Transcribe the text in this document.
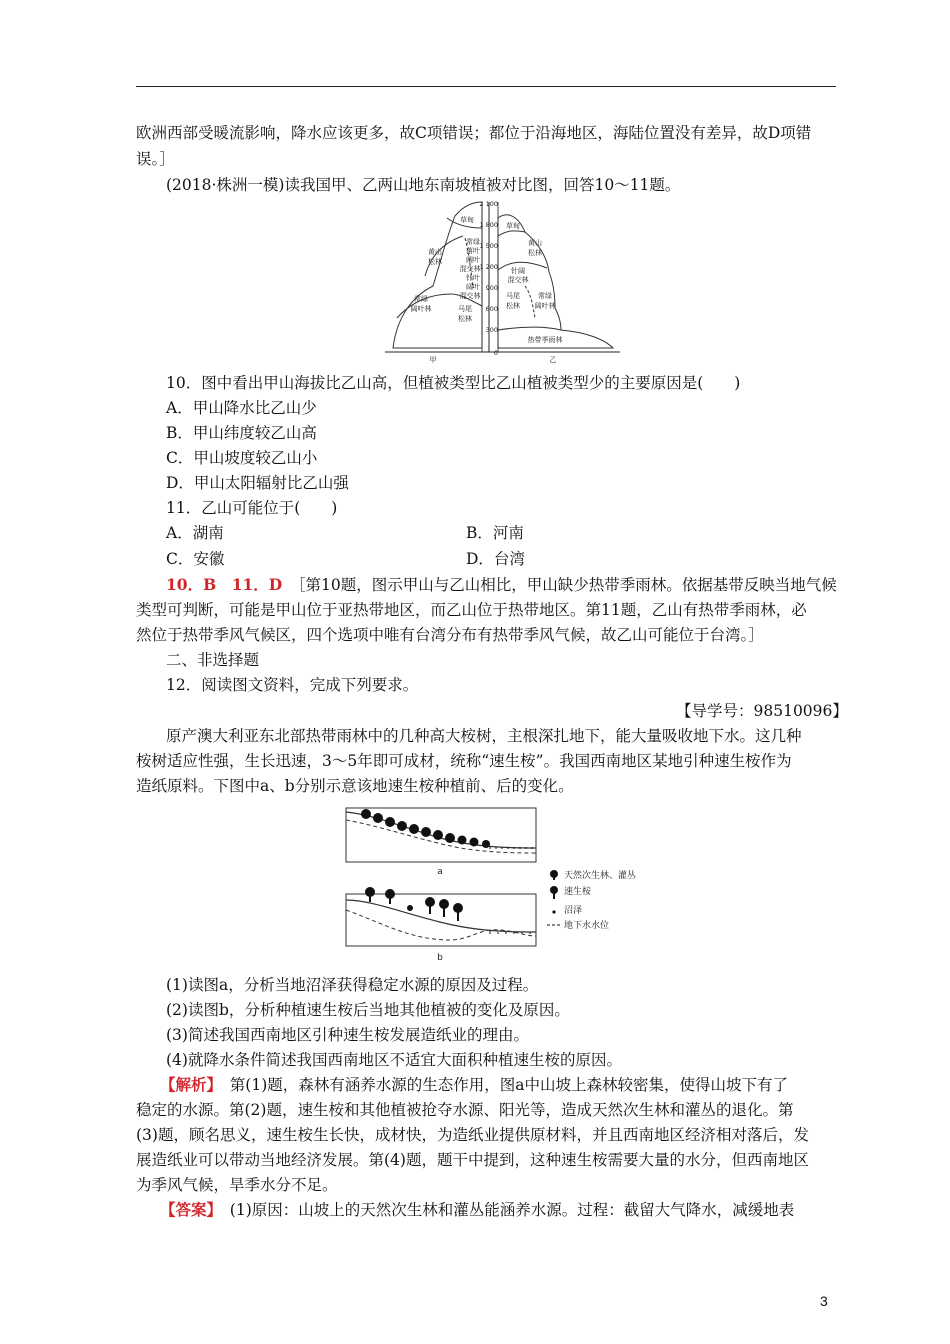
欧洲西部受暖流影响，降水应该更多，故C项错误；都位于沿海地区，海陆位置没有差异，故D项错
误。］
(2018·株洲一模)读我国甲、乙两山地东南坡植被对比图，回答10～11题。
2 100
1 800
1 500
1 200
900
600
300
0
草甸
黄山
松林
常绿
落叶
阔叶
混交林
针叶
阔叶
混交林
常绿
阔叶林	马尾
松林
草甸
黄山
松林
针阔
混交林
马尾
松林
常绿
阔叶林
热带季雨林
甲	乙
10．图中看出甲山海拔比乙山高，但植被类型比乙山植被类型少的主要原因是(　　)
A．甲山降水比乙山少
B．甲山纬度较乙山高
C．甲山坡度较乙山小
D．甲山太阳辐射比乙山强
11．乙山可能位于(　　)
A．湖南	B．河南
C．安徽	D．台湾
10．B　 11．D　 ［第10题，图示甲山与乙山相比，甲山缺少热带季雨林。依据基带反映当地气候
类型可判断，可能是甲山位于亚热带地区，而乙山位于热带地区。第11题，乙山有热带季雨林，必
然位于热带季风气候区，四个选项中唯有台湾分布有热带季风气候，故乙山可能位于台湾。］
二、非选择题
12．阅读图文资料，完成下列要求。
【导学号：98510096】
原产澳大利亚东北部热带雨林中的几种高大桉树，主根深扎地下，能大量吸收地下水。这几种
桉树适应性强，生长迅速，3～5年即可成材，统称“速生桉”。我国西南地区某地引种速生桉作为
造纸原料。下图中a、b分别示意该地速生桉种植前、后的变化。
a
b
天然次生林、灌丛
速生桉
沼泽
地下水水位
(1)读图a，分析当地沼泽获得稳定水源的原因及过程。
(2)读图b，分析种植速生桉后当地其他植被的变化及原因。
(3)简述我国西南地区引种速生桉发展造纸业的理由。
(4)就降水条件简述我国西南地区不适宜大面积种植速生桉的原因。
【解析】　 第(1)题，森林有涵养水源的生态作用，图a中山坡上森林较密集，使得山坡下有了
稳定的水源。第(2)题，速生桉和其他植被抢夺水源、阳光等，造成天然次生林和灌丛的退化。第
(3)题，顾名思义，速生桉生长快，成材快，为造纸业提供原材料，并且西南地区经济相对落后，发
展造纸业可以带动当地经济发展。第(4)题，题干中提到，这种速生桉需要大量的水分，但西南地区
为季风气候，旱季水分不足。
【答案】　 (1)原因：山坡上的天然次生林和灌丛能涵养水源。过程：截留大气降水，减缓地表
3
